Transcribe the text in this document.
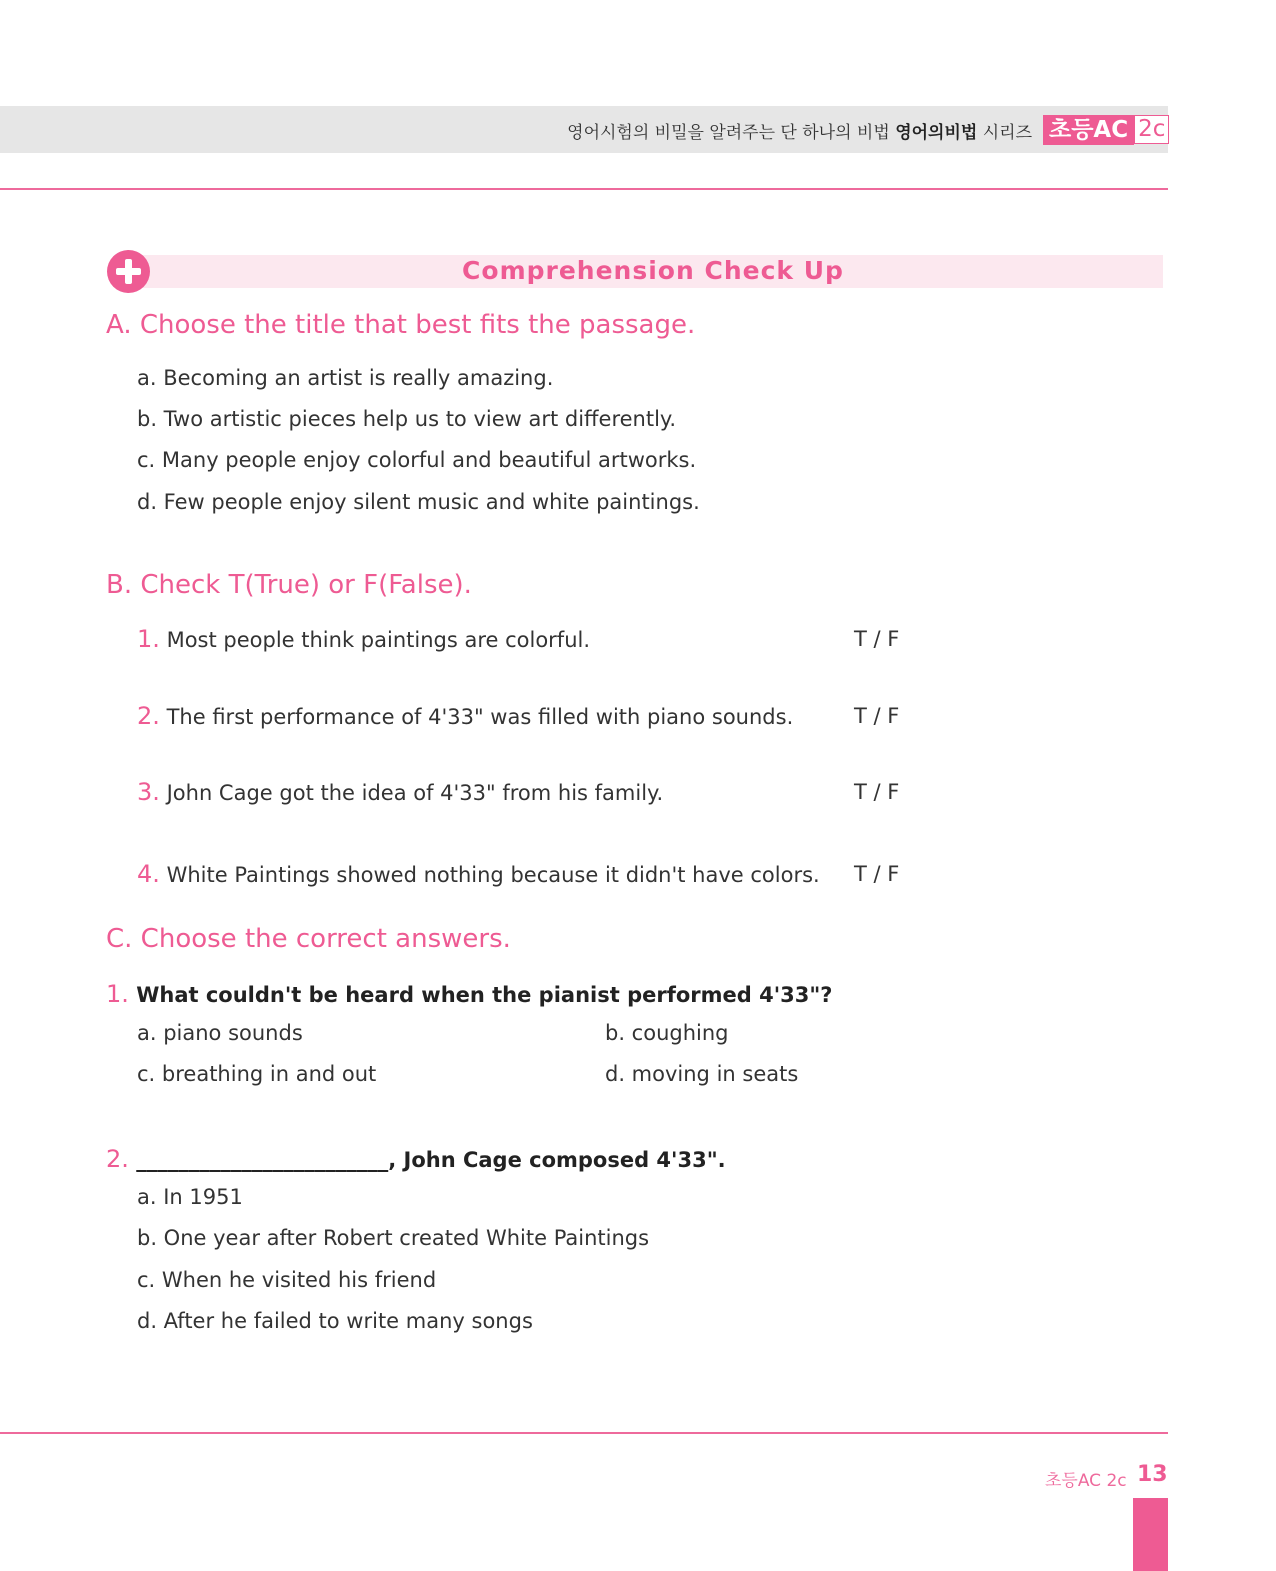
영어시험의 비밀을 알려주는 단 하나의 비법 영어의비법 시리즈 초등AC 2c
Comprehension Check Up
A. Choose the title that best fits the passage.
a. Becoming an artist is really amazing.
b. Two artistic pieces help us to view art differently.
c. Many people enjoy colorful and beautiful artworks.
d. Few people enjoy silent music and white paintings.
B. Check T(True) or F(False).
1. Most people think paintings are colorful.	T / F
2. The first performance of 4'33" was filled with piano sounds.	T / F
3. John Cage got the idea of 4'33" from his family.	T / F
4. White Paintings showed nothing because it didn't have colors. T / F
C. Choose the correct answers.
1. What couldn't be heard when the pianist performed 4'33"?
a. piano sounds	b. coughing
c. breathing in and out	d. moving in seats
2. ________________________, John Cage composed 4'33".
a. In 1951
b. One year after Robert created White Paintings
c. When he visited his friend
d. After he failed to write many songs
초등AC 2c 13
